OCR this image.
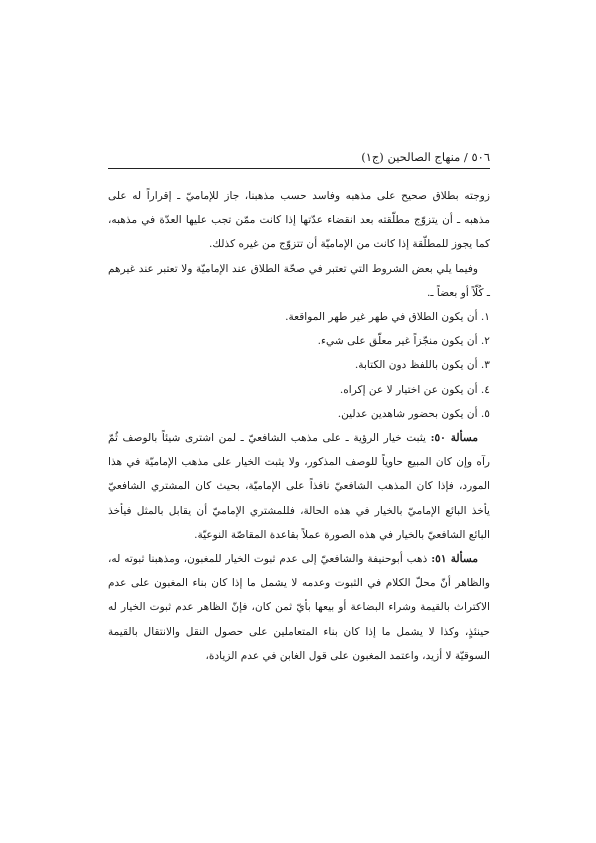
٥٠٦ / منهاج الصالحين (ج١)

زوجته بطلاق صحيح على مذهبه وفاسد حسب مذهبنا، جاز للإماميّ ـ إقراراً له على مذهبه ـ أن يتزوّج مطلّقته بعد انقضاء عدّتها إذا كانت ممّن تجب عليها العدّة في مذهبه، كما يجوز للمطلّقة إذا كانت من الإماميّة أن تتزوّج من غيره كذلك.

وفيما يلي بعض الشروط التي تعتبر في صحّة الطلاق عند الإماميّة ولا تعتبر عند غيرهم ـ كُلّاً أو بعضاً ـ.

١. أن يكون الطلاق في طهر غير طهر المواقعة.

٢. أن يكون منجّزاً غير معلّق على شيء.

٣. أن يكون باللفظ دون الكتابة.

٤. أن يكون عن اختيار لا عن إكراه.

٥. أن يكون بحضور شاهدين عدلين.

مسألة ٥٠: يثبت خيار الرؤية ـ على مذهب الشافعيّ ـ لمن اشترى شيئاً بالوصف ثُمّ رآه وإن كان المبيع حاوياً للوصف المذكور، ولا يثبت الخيار على مذهب الإماميّة في هذا المورد، فإذا كان المذهب الشافعيّ نافذاً على الإماميّة، بحيث كان المشتري الشافعيّ يأخذ البائع الإماميّ بالخيار في هذه الحالة، فللمشتري الإماميّ أن يقابل بالمثل فيأخذ البائع الشافعيّ بالخيار في هذه الصورة عملاً بقاعدة المقاصّة النوعيّة.

مسألة ٥١: ذهب أبوحنيفة والشافعيّ إلى عدم ثبوت الخيار للمغبون، ومذهبنا ثبوته له، والظاهر أنّ محلّ الكلام في الثبوت وعدمه لا يشمل ما إذا كان بناء المغبون على عدم الاكتراث بالقيمة وشراء البضاعة أو بيعها بأيّ ثمن كان، فإنّ الظاهر عدم ثبوت الخيار له حينئذٍ، وكذا لا يشمل ما إذا كان بناء المتعاملين على حصول النقل والانتقال بالقيمة السوقيّة لا أزيد، واعتمد المغبون على قول الغابن في عدم الزيادة،
